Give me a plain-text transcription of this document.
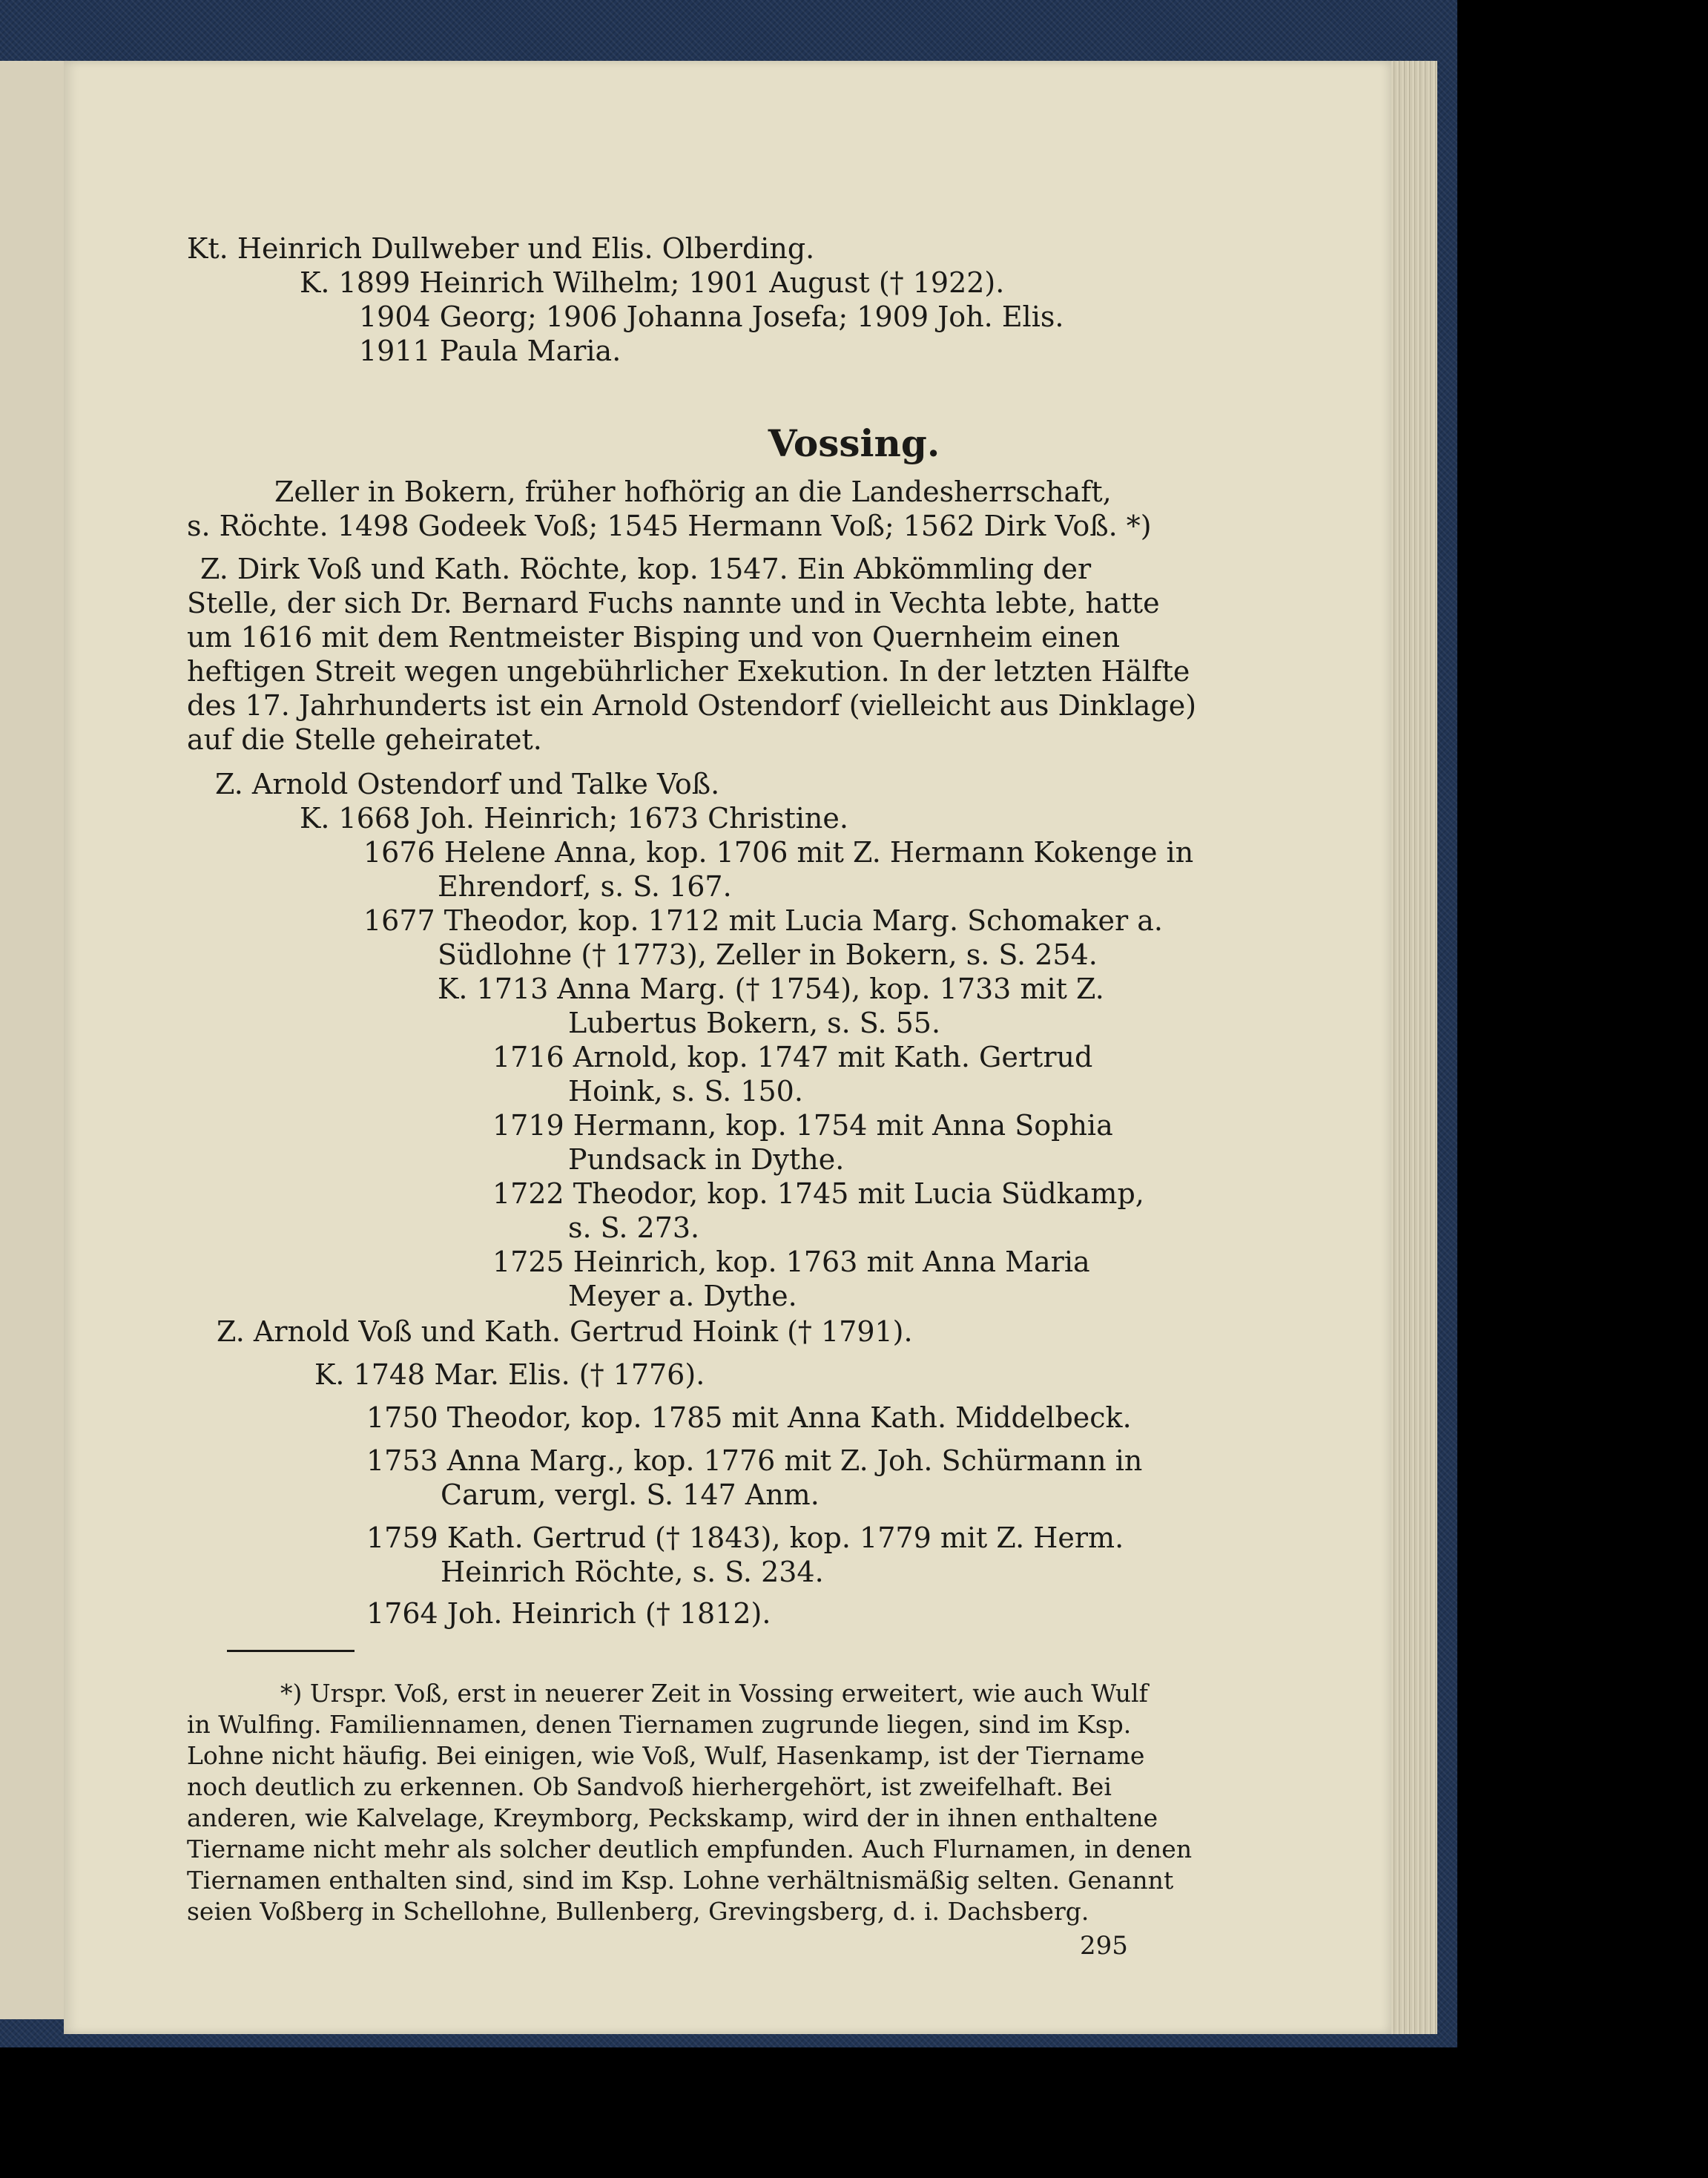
Kt. Heinrich Dullweber und Elis. Olberding.
K. 1899 Heinrich Wilhelm; 1901 August († 1922).
1904 Georg; 1906 Johanna Josefa; 1909 Joh. Elis.
1911 Paula Maria.
Vossing.
Zeller in Bokern, früher hofhörig an die Landesherrschaft,
s. Röchte. 1498 Godeek Voß; 1545 Hermann Voß; 1562 Dirk Voß. *)
Z. Dirk Voß und Kath. Röchte, kop. 1547. Ein Abkömmling der
Stelle, der sich Dr. Bernard Fuchs nannte und in Vechta lebte, hatte
um 1616 mit dem Rentmeister Bisping und von Quernheim einen
heftigen Streit wegen ungebührlicher Exekution. In der letzten Hälfte
des 17. Jahrhunderts ist ein Arnold Ostendorf (vielleicht aus Dinklage)
auf die Stelle geheiratet.
Z. Arnold Ostendorf und Talke Voß.
K. 1668 Joh. Heinrich; 1673 Christine.
1676 Helene Anna, kop. 1706 mit Z. Hermann Kokenge in
Ehrendorf, s. S. 167.
1677 Theodor, kop. 1712 mit Lucia Marg. Schomaker a.
Südlohne († 1773), Zeller in Bokern, s. S. 254.
K. 1713 Anna Marg. († 1754), kop. 1733 mit Z.
Lubertus Bokern, s. S. 55.
1716 Arnold, kop. 1747 mit Kath. Gertrud
Hoink, s. S. 150.
1719 Hermann, kop. 1754 mit Anna Sophia
Pundsack in Dythe.
1722 Theodor, kop. 1745 mit Lucia Südkamp,
s. S. 273.
1725 Heinrich, kop. 1763 mit Anna Maria
Meyer a. Dythe.
Z. Arnold Voß und Kath. Gertrud Hoink († 1791).
K. 1748 Mar. Elis. († 1776).
1750 Theodor, kop. 1785 mit Anna Kath. Middelbeck.
1753 Anna Marg., kop. 1776 mit Z. Joh. Schürmann in
Carum, vergl. S. 147 Anm.
1759 Kath. Gertrud († 1843), kop. 1779 mit Z. Herm.
Heinrich Röchte, s. S. 234.
1764 Joh. Heinrich († 1812).
*) Urspr. Voß, erst in neuerer Zeit in Vossing erweitert, wie auch Wulf
in Wulfing. Familiennamen, denen Tiernamen zugrunde liegen, sind im Ksp.
Lohne nicht häufig. Bei einigen, wie Voß, Wulf, Hasenkamp, ist der Tiername
noch deutlich zu erkennen. Ob Sandvoß hierhergehört, ist zweifelhaft. Bei
anderen, wie Kalvelage, Kreymborg, Peckskamp, wird der in ihnen enthaltene
Tiername nicht mehr als solcher deutlich empfunden. Auch Flurnamen, in denen
Tiernamen enthalten sind, sind im Ksp. Lohne verhältnismäßig selten. Genannt
seien Voßberg in Schellohne, Bullenberg, Grevingsberg, d. i. Dachsberg.
295
